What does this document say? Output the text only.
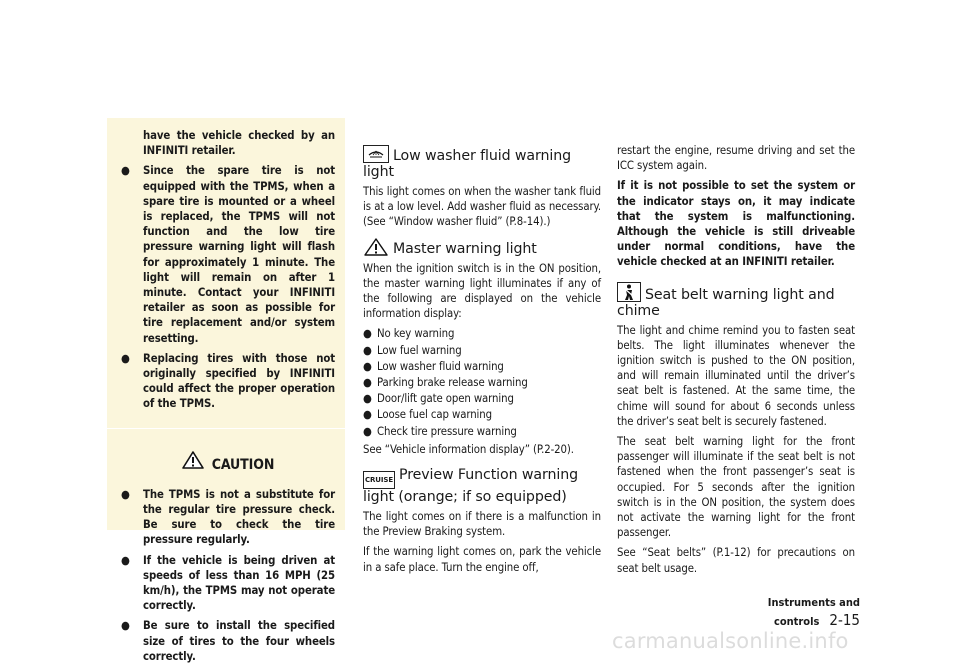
have the vehicle checked by an INFINITI retailer.

● Since the spare tire is not equipped with the TPMS, when a spare tire is mounted or a wheel is replaced, the TPMS will not function and the low tire pressure warning light will flash for approximately 1 minute. The light will remain on after 1 minute. Contact your INFINITI retailer as soon as possible for tire replacement and/or system resetting.
● Replacing tires with those not originally specified by INFINITI could affect the proper operation of the TPMS.
CAUTION
● The TPMS is not a substitute for the regular tire pressure check. Be sure to check the tire pressure regularly.
● If the vehicle is being driven at speeds of less than 16 MPH (25 km/h), the TPMS may not operate correctly.
● Be sure to install the specified size of tires to the four wheels correctly.
Low washer fluid warning light

This light comes on when the washer tank fluid is at a low level. Add washer fluid as necessary. (See “Window washer fluid” (P.8-14).)

Master warning light

When the ignition switch is in the ON position, the master warning light illuminates if any of the following are displayed on the vehicle information display:

● No key warning
● Low fuel warning
● Low washer fluid warning
● Parking brake release warning
● Door/lift gate open warning
● Loose fuel cap warning
● Check tire pressure warning

See “Vehicle information display” (P.2-20).

CRUISE Preview Function warning light (orange; if so equipped)

The light comes on if there is a malfunction in the Preview Braking system.

If the warning light comes on, park the vehicle in a safe place. Turn the engine off,

restart the engine, resume driving and set the ICC system again.

If it is not possible to set the system or the indicator stays on, it may indicate that the system is malfunctioning. Although the vehicle is still driveable under normal conditions, have the vehicle checked at an INFINITI retailer.

Seat belt warning light and chime

The light and chime remind you to fasten seat belts. The light illuminates whenever the ignition switch is pushed to the ON position, and will remain illuminated until the driver’s seat belt is fastened. At the same time, the chime will sound for about 6 seconds unless the driver’s seat belt is securely fastened.

The seat belt warning light for the front passenger will illuminate if the seat belt is not fastened when the front passenger’s seat is occupied. For 5 seconds after the ignition switch is in the ON position, the system does not activate the warning light for the front passenger.

See “Seat belts” (P.1-12) for precautions on seat belt usage.

Instruments and controls 2-15
carmanualsonline.info
